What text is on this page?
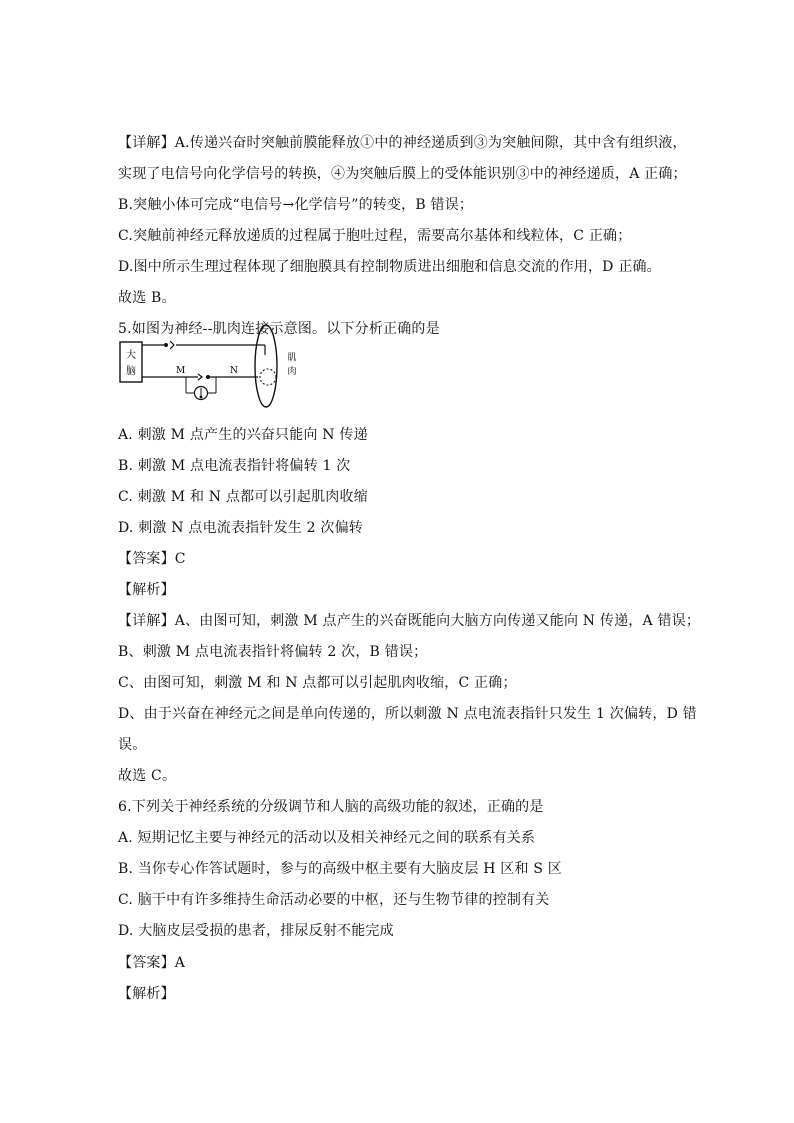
【详解】A.传递兴奋时突触前膜能释放①中的神经递质到③为突触间隙，其中含有组织液，
实现了电信号向化学信号的转换，④为突触后膜上的受体能识别③中的神经递质，A 正确；
B.突触小体可完成“电信号→化学信号”的转变，B 错误；
C.突触前神经元释放递质的过程属于胞吐过程，需要高尔基体和线粒体，C 正确；
D.图中所示生理过程体现了细胞膜具有控制物质进出细胞和信息交流的作用，D 正确。
故选 B。
5.如图为神经--肌肉连接示意图。以下分析正确的是
大
脑	M	N
肌
肉
A. 刺激 M 点产生的兴奋只能向 N 传递
B. 刺激 M 点电流表指针将偏转 1 次
C. 刺激 M 和 N 点都可以引起肌肉收缩
D. 刺激 N 点电流表指针发生 2 次偏转
【答案】C
【解析】
【详解】A、由图可知，刺激 M 点产生的兴奋既能向大脑方向传递又能向 N 传递，A 错误；
B、刺激 M 点电流表指针将偏转 2 次，B 错误；
C、由图可知，刺激 M 和 N 点都可以引起肌肉收缩，C 正确；
D、由于兴奋在神经元之间是单向传递的，所以刺激 N 点电流表指针只发生 1 次偏转，D 错
误。
故选 C。
6.下列关于神经系统的分级调节和人脑的高级功能的叙述，正确的是
A. 短期记忆主要与神经元的活动以及相关神经元之间的联系有关系
B. 当你专心作答试题时，参与的高级中枢主要有大脑皮层 H 区和 S 区
C. 脑干中有许多维持生命活动必要的中枢，还与生物节律的控制有关
D. 大脑皮层受损的患者，排尿反射不能完成
【答案】A
【解析】
